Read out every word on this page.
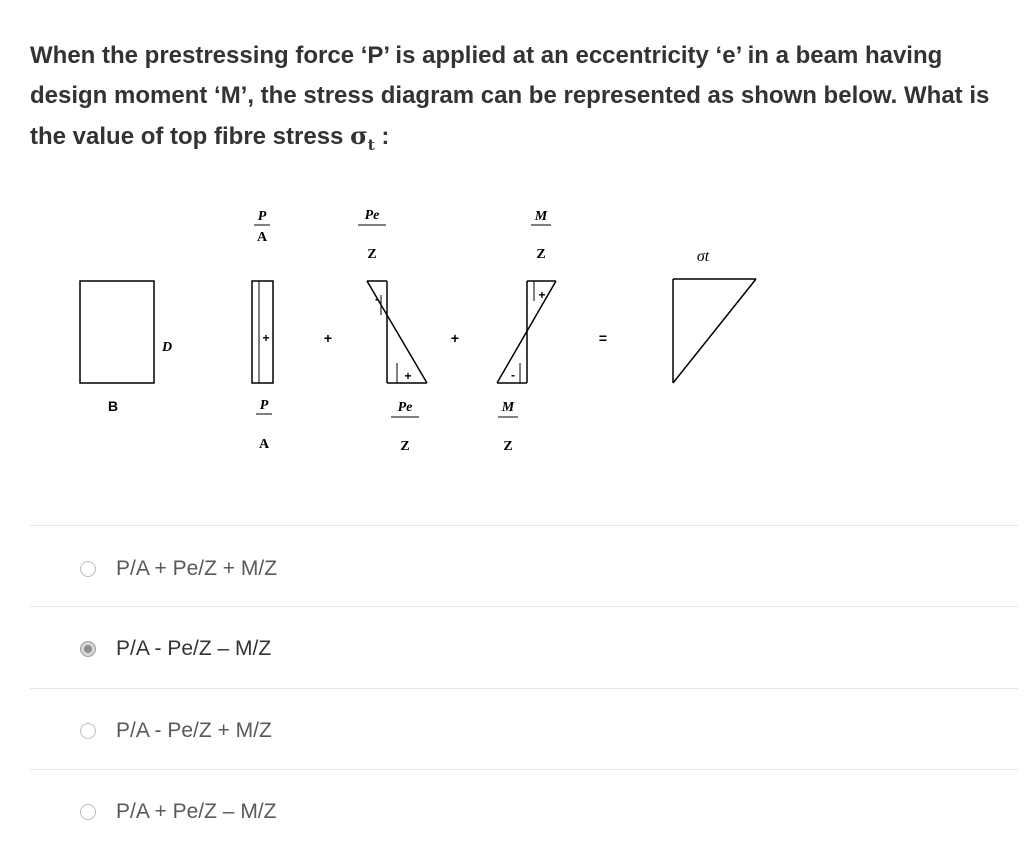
When the prestressing force ‘P’ is applied at an eccentricity ‘e’ in a beam having design moment ‘M’, the stress diagram can be represented as shown below. What is the value of top fibre stress $\sigma_t$ :

D
B
P
A
+
P
A
+
Pe
Z
-
+
Pe
Z
+
M
Z
+
-
M
Z
=
σt
P/A + Pe/Z + M/Z
P/A - Pe/Z – M/Z
P/A - Pe/Z + M/Z
P/A + Pe/Z – M/Z
